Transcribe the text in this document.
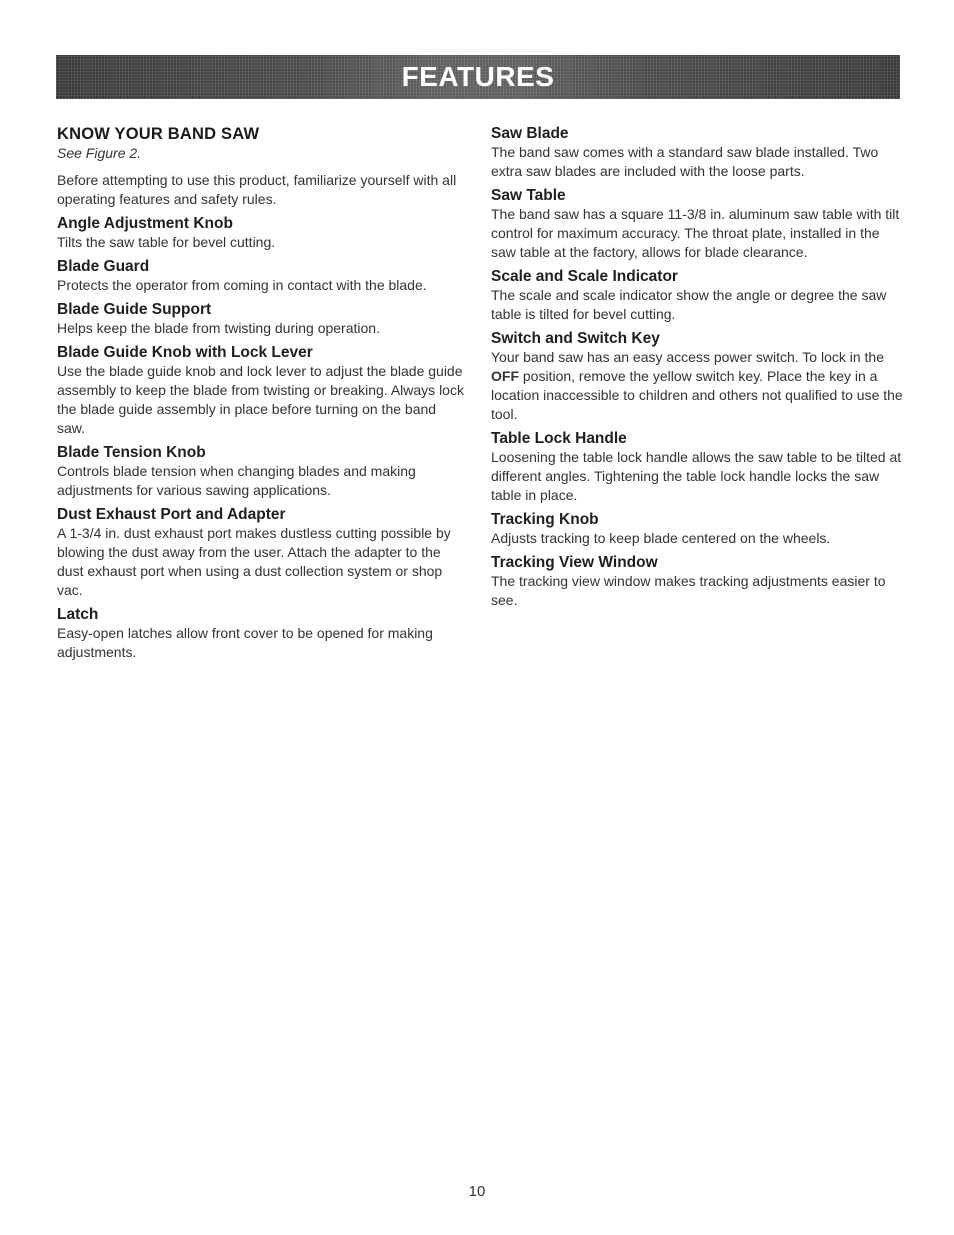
FEATURES
KNOW YOUR BAND SAW

See Figure 2.

Before attempting to use this product, familiarize yourself with all operating features and safety rules.

Angle Adjustment Knob

Tilts the saw table for bevel cutting.

Blade Guard

Protects the operator from coming in contact with the blade.

Blade Guide Support

Helps keep the blade from twisting during operation.

Blade Guide Knob with Lock Lever

Use the blade guide knob and lock lever to adjust the blade guide assembly to keep the blade from twisting or breaking. Always lock the blade guide assembly in place before turning on the band saw.

Blade Tension Knob

Controls blade tension when changing blades and making adjustments for various sawing applications.

Dust Exhaust Port and Adapter

A 1-3/4 in. dust exhaust port makes dustless cutting possible by blowing the dust away from the user. Attach the adapter to the dust exhaust port when using a dust collection system or shop vac.

Latch

Easy-open latches allow front cover to be opened for making adjustments.

Saw Blade

The band saw comes with a standard saw blade installed. Two extra saw blades are included with the loose parts.

Saw Table

The band saw has a square 11-3/8 in. aluminum saw table with tilt control for maximum accuracy. The throat plate, installed in the saw table at the factory, allows for blade clearance.

Scale and Scale Indicator

The scale and scale indicator show the angle or degree the saw table is tilted for bevel cutting.

Switch and Switch Key

Your band saw has an easy access power switch. To lock in the OFF position, remove the yellow switch key. Place the key in a location inaccessible to children and others not qualified to use the tool.

Table Lock Handle

Loosening the table lock handle allows the saw table to be tilted at different angles. Tightening the table lock handle locks the saw table in place.

Tracking Knob

Adjusts tracking to keep blade centered on the wheels.

Tracking View Window

The tracking view window makes tracking adjustments easier to see.

10
